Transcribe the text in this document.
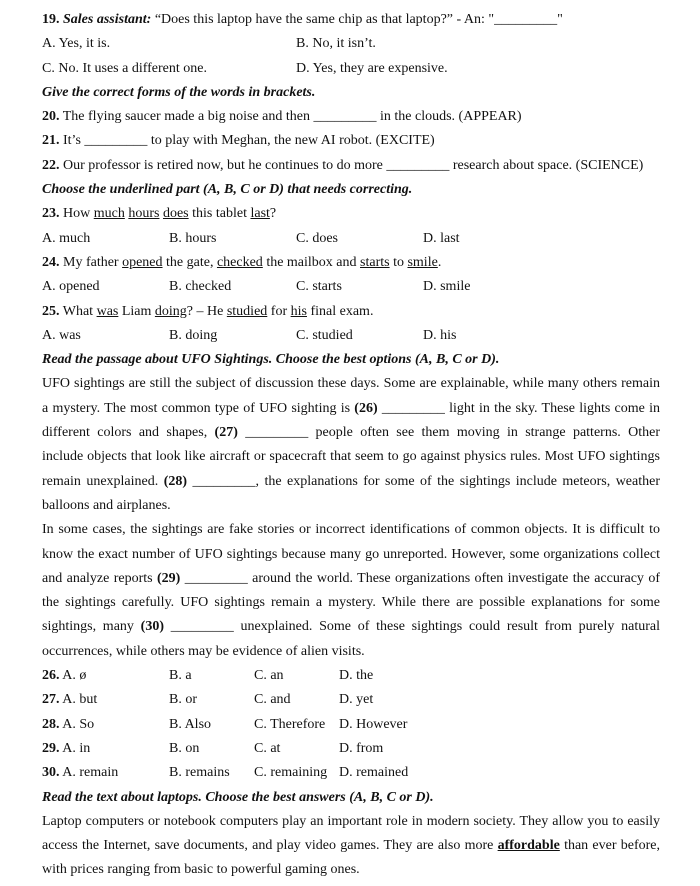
19. Sales assistant: “Does this laptop have the same chip as that laptop?” - An: "_________"
A. Yes, it is.	B. No, it isn’t.
C. No. It uses a different one.	D. Yes, they are expensive.
Give the correct forms of the words in brackets.
20. The flying saucer made a big noise and then _________ in the clouds. (APPEAR)
21. It’s _________ to play with Meghan, the new AI robot. (EXCITE)
22. Our professor is retired now, but he continues to do more _________ research about space. (SCIENCE)
Choose the underlined part (A, B, C or D) that needs correcting.
23. How much hours does this tablet last?
A. much	B. hours	C. does	D. last
24. My father opened the gate, checked the mailbox and starts to smile.
A. opened	B. checked	C. starts	D. smile
25. What was Liam doing? – He studied for his final exam.
A. was	B. doing	C. studied	D. his
Read the passage about UFO Sightings. Choose the best options (A, B, C or D).
UFO sightings are still the subject of discussion these days. Some are explainable, while many others remain
a mystery. The most common type of UFO sighting is (26) _________ light in the sky. These lights come in
different colors and shapes, (27) _________ people often see them moving in strange patterns. Other
include objects that look like aircraft or spacecraft that seem to go against physics rules. Most UFO sightings
remain unexplained. (28) _________, the explanations for some of the sightings include meteors, weather
balloons and airplanes.
In some cases, the sightings are fake stories or incorrect identifications of common objects. It is difficult to
know the exact number of UFO sightings because many go unreported. However, some organizations collect
and analyze reports (29) _________ around the world. These organizations often investigate the accuracy of
the sightings carefully. UFO sightings remain a mystery. While there are possible explanations for some
sightings, many (30) _________ unexplained. Some of these sightings could result from purely natural
occurrences, while others may be evidence of alien visits.
26. A. ø	B. a	C. an	D. the
27. A. but	B. or	C. and	D. yet
28. A. So	B. Also	C. Therefore D. However
29. A. in	B. on	C. at	D. from
30. A. remain	B. remains C. remaining D. remained
Read the text about laptops. Choose the best answers (A, B, C or D).
Laptop computers or notebook computers play an important role in modern society. They allow you to easily
access the Internet, save documents, and play video games. They are also more affordable than ever before,
with prices ranging from basic to powerful gaming ones.
